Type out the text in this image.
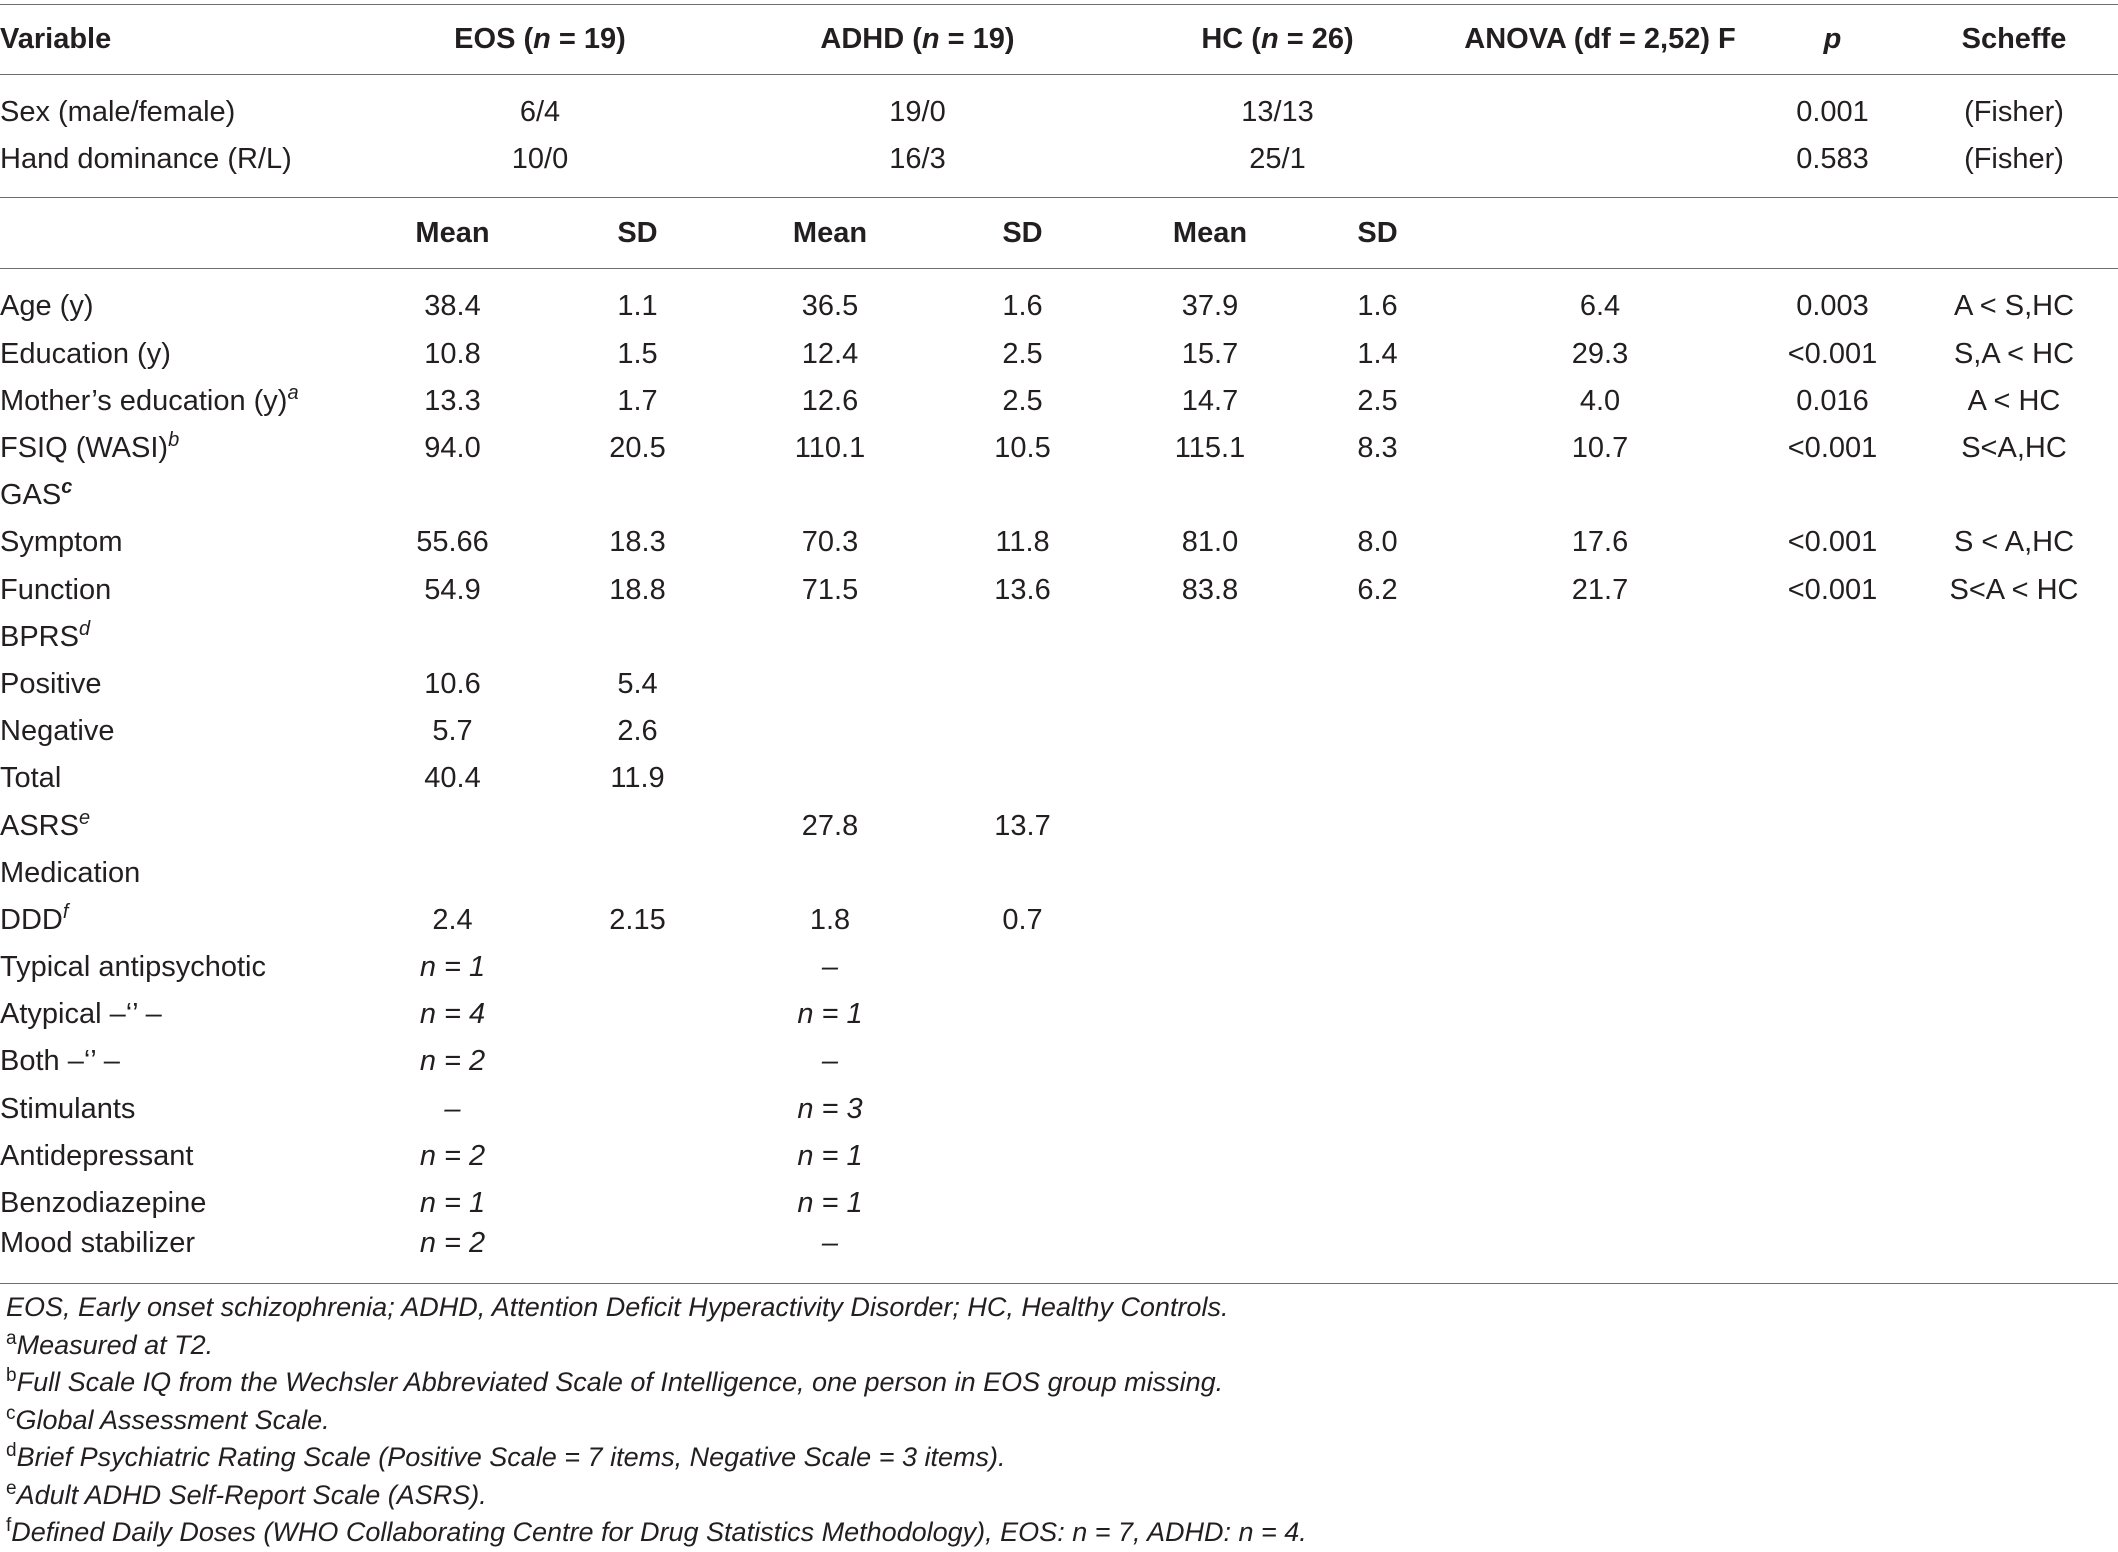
Variable	EOS (n = 19)		ADHD (n = 19)		HC (n = 26)		ANOVA (df = 2,52) F	p	Scheffe

Sex (male/female)	6/4		19/0		13/13			0.001	(Fisher)
Hand dominance (R/L)	10/0		16/3		25/1			0.583	(Fisher)

	Mean	SD	Mean	SD	Mean	SD			

Age (y)	38.4	1.1	36.5	1.6	37.9	1.6	6.4	0.003	A < S,HC
Education (y)	10.8	1.5	12.4	2.5	15.7	1.4	29.3	<0.001	S,A < HC
Mother’s education $(y)^a$	13.3	1.7	12.6	2.5	14.7	2.5	4.0	0.016	A < HC
FSIQ (WASI)$^b$	94.0	20.5	110.1	10.5	115.1	8.3	10.7	<0.001	S<A,HC
GAS$^c$	
Symptom	55.66	18.3	70.3	11.8	81.0	8.0	17.6	<0.001	S < A,HC
Function	54.9	18.8	71.5	13.6	83.8	6.2	21.7	<0.001	S<A < HC
BPRS$^d$	
Positive	10.6	5.4							
Negative	5.7	2.6							
Total	40.4	11.9							
ASRS$^e$			27.8	13.7					
Medication									
DDD$^f$	2.4	2.15	1.8	0.7					
Typical antipsychotic	n = 1		–						
Atypical –‘’ –	n = 4		n = 1						
Both –‘’ –	n = 2		–						
Stimulants	–		n = 3						
Antidepressant	n = 2		n = 1						
Benzodiazepine	n = 1		n = 1						
Mood stabilizer	n = 2		–						
EOS, Early onset schizophrenia; ADHD, Attention Deficit Hyperactivity Disorder; HC, Healthy Controls.
$^a$Measured at T2.
$^b$Full Scale IQ from the Wechsler Abbreviated Scale of Intelligence, one person in EOS group missing.
$^c$Global Assessment Scale.
$^d$Brief Psychiatric Rating Scale (Positive Scale = 7 items, Negative Scale = 3 items).
$^e$Adult ADHD Self-Report Scale (ASRS).
$^f$Defined Daily Doses (WHO Collaborating Centre for Drug Statistics Methodology), EOS: n = 7, ADHD: n = 4.
